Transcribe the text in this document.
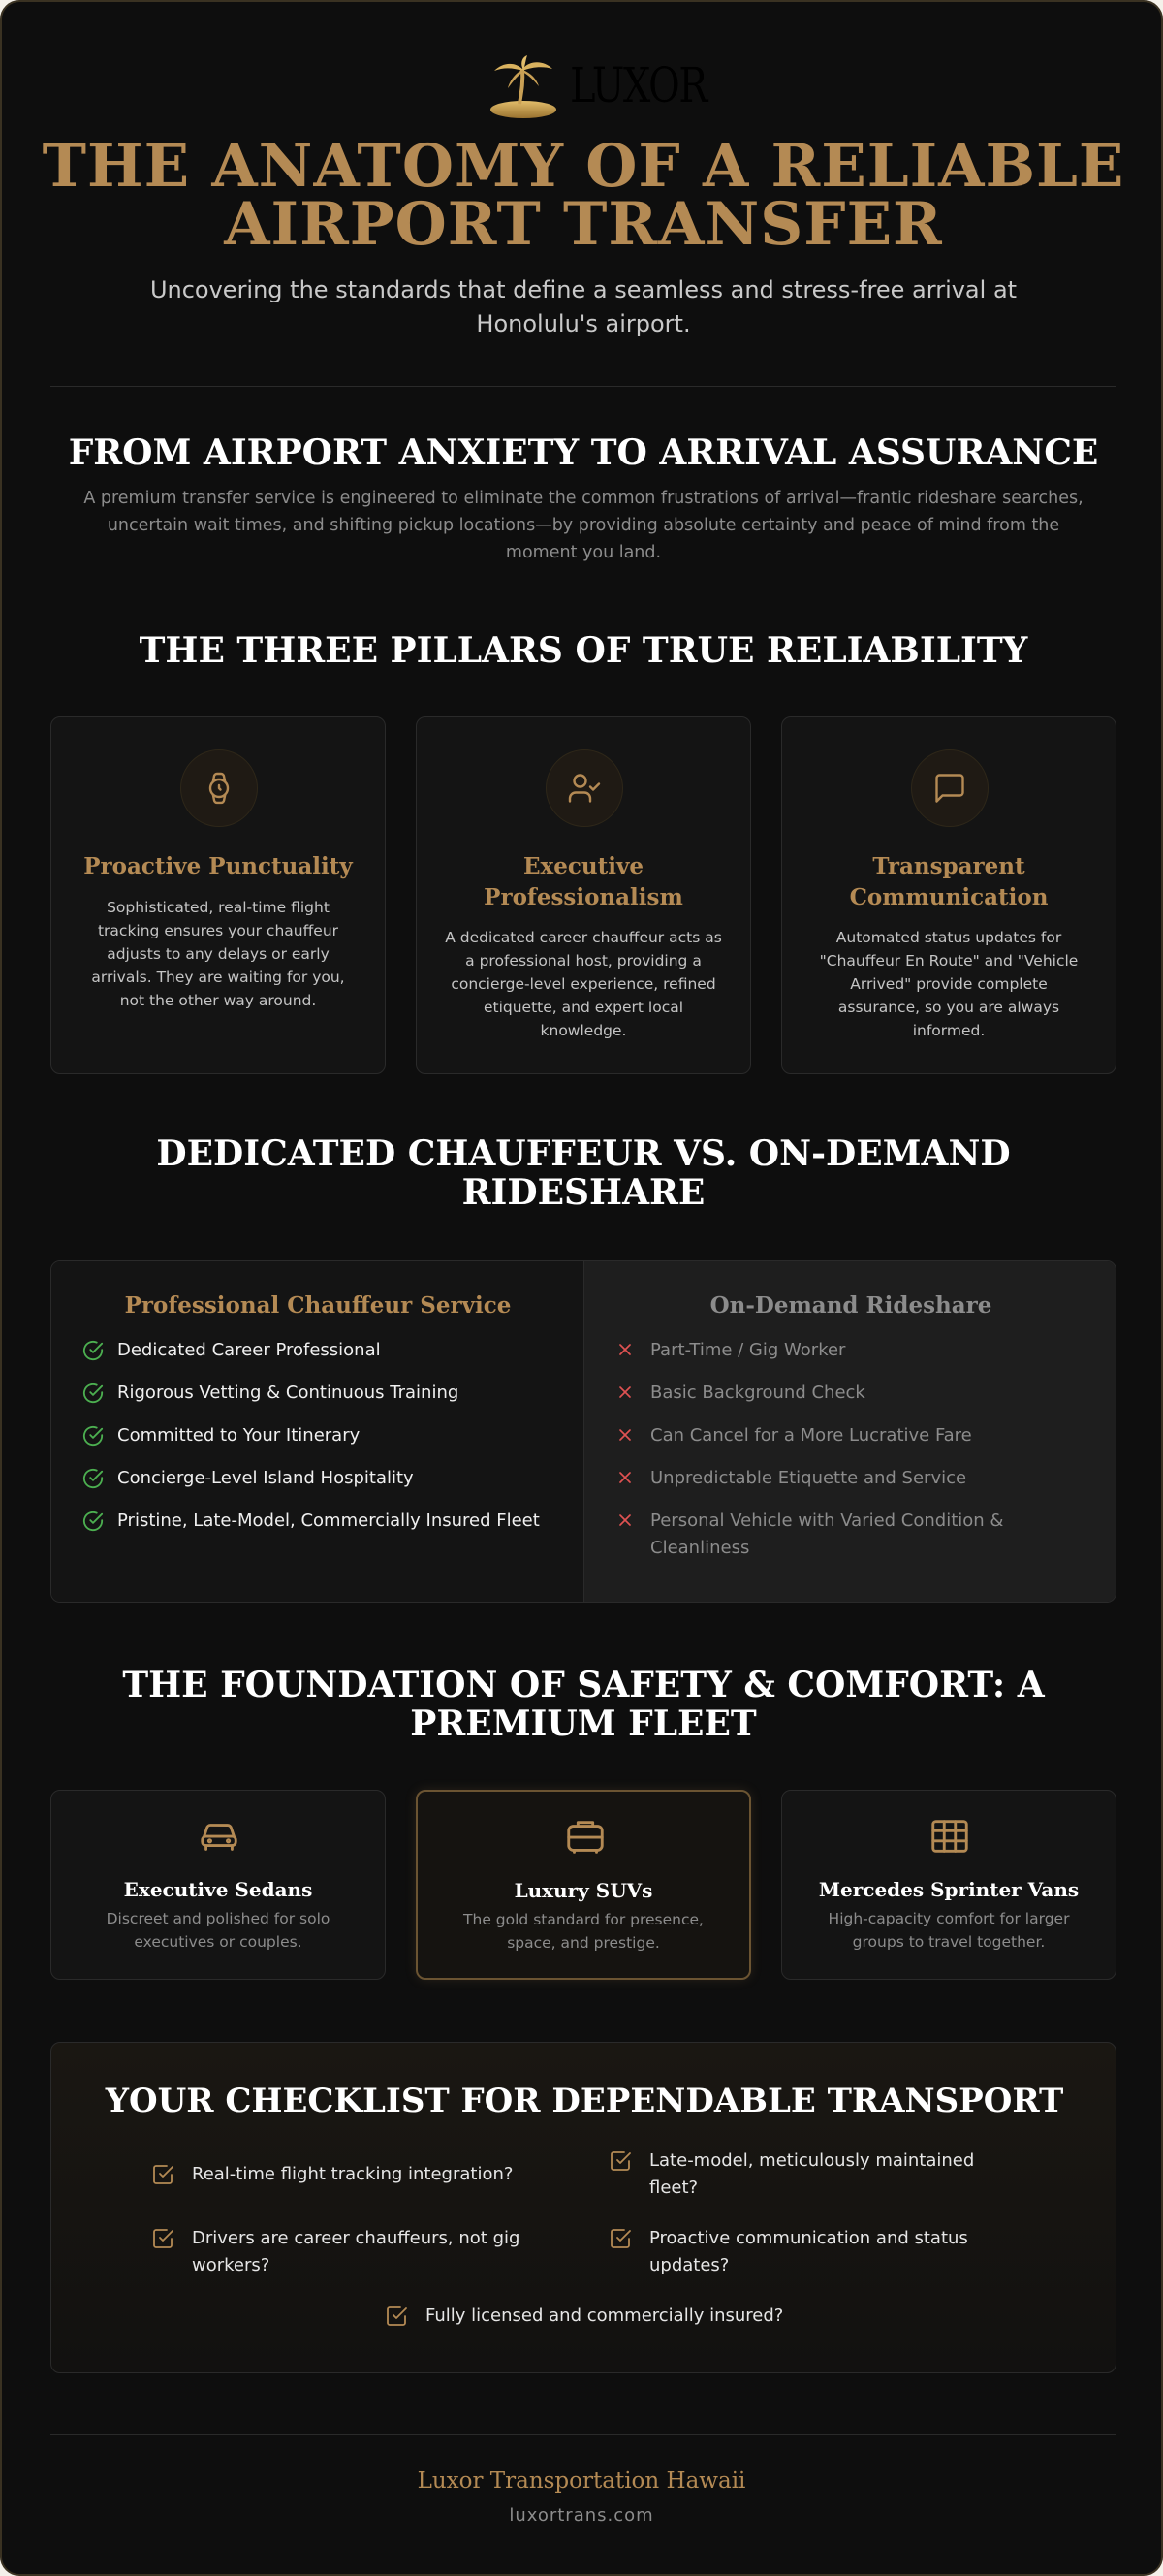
LUXOR
THE ANATOMY OF A RELIABLE
AIRPORT TRANSFER

Uncovering the standards that define a seamless and stress-free arrival at Honolulu's airport.

FROM AIRPORT ANXIETY TO ARRIVAL ASSURANCE

A premium transfer service is engineered to eliminate the common frustrations of arrival—frantic rideshare searches, uncertain wait times, and shifting pickup locations—by providing absolute certainty and peace of mind from the moment you land.

THE THREE PILLARS OF TRUE RELIABILITY
Proactive Punctuality

Sophisticated, real-time flight tracking ensures your chauffeur adjusts to any delays or early arrivals. They are waiting for you, not the other way around.

Executive Professionalism

A dedicated career chauffeur acts as a professional host, providing a concierge-level experience, refined etiquette, and expert local knowledge.

Transparent Communication

Automated status updates for "Chauffeur En Route" and "Vehicle Arrived" provide complete assurance, so you are always informed.

DEDICATED CHAUFFEUR VS. ON-DEMAND
RIDESHARE
Professional Chauffeur Service
Dedicated Career Professional
Rigorous Vetting & Continuous Training
Committed to Your Itinerary
Concierge-Level Island Hospitality
Pristine, Late-Model, Commercially Insured Fleet
On-Demand Rideshare
Part-Time / Gig Worker
Basic Background Check
Can Cancel for a More Lucrative Fare
Unpredictable Etiquette and Service
Personal Vehicle with Varied Condition & Cleanliness
THE FOUNDATION OF SAFETY & COMFORT: A
PREMIUM FLEET
Executive Sedans

Discreet and polished for solo executives or couples.

Luxury SUVs

The gold standard for presence, space, and prestige.

Mercedes Sprinter Vans

High-capacity comfort for larger groups to travel together.

YOUR CHECKLIST FOR DEPENDABLE TRANSPORT
Real-time flight tracking integration?
Late-model, meticulously maintained fleet?
Drivers are career chauffeurs, not gig workers?
Proactive communication and status updates?
Fully licensed and commercially insured?
Luxor Transportation Hawaii
luxortrans.com
